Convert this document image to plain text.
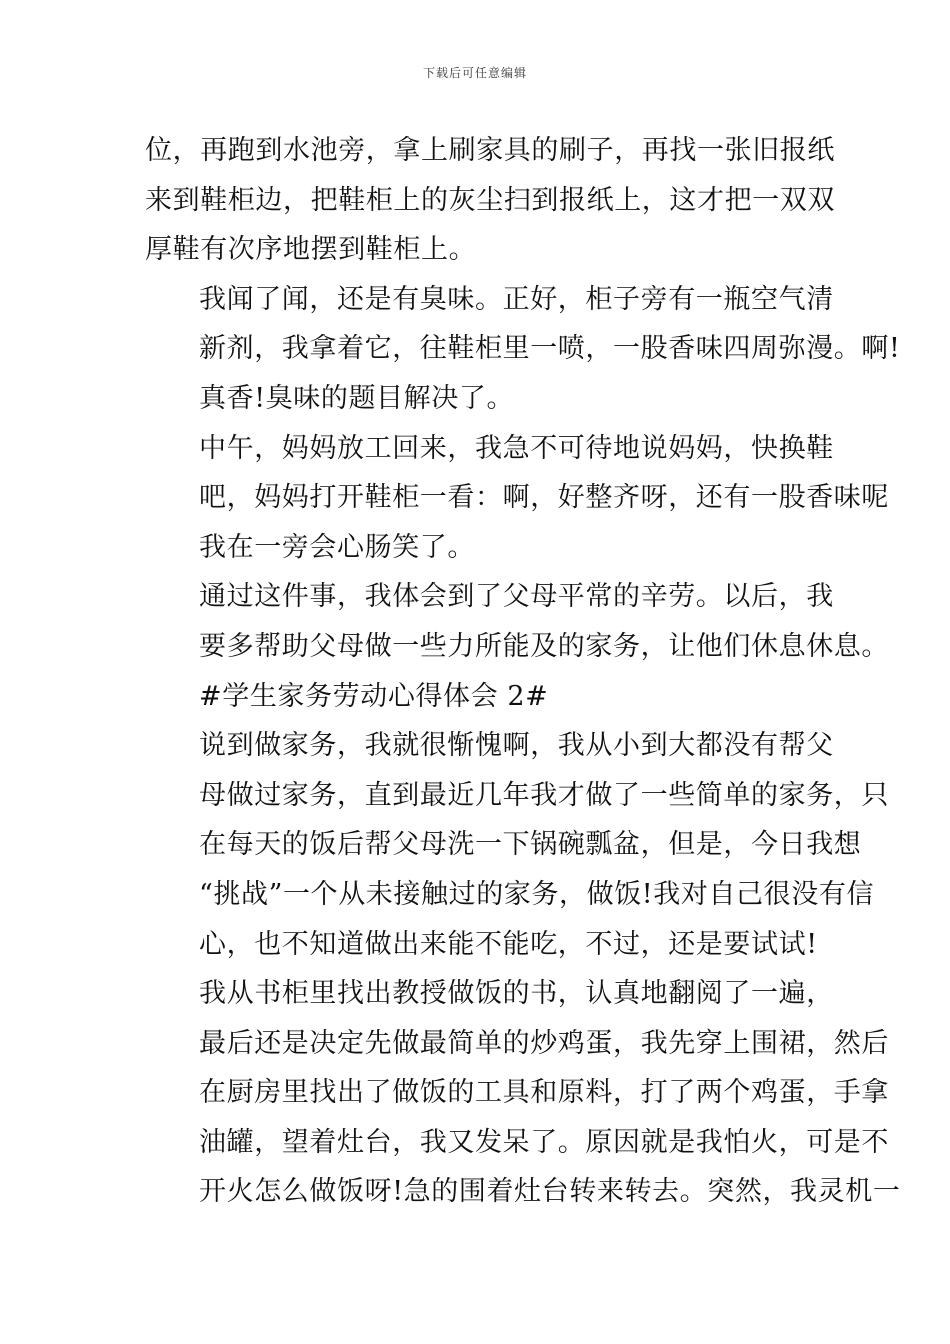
下载后可任意编辑

位，再跑到水池旁，拿上刷家具的刷子，再找一张旧报纸
来到鞋柜边，把鞋柜上的灰尘扫到报纸上，这才把一双双
厚鞋有次序地摆到鞋柜上。

我闻了闻，还是有臭味。正好，柜子旁有一瓶空气清
新剂，我拿着它，往鞋柜里一喷，一股香味四周弥漫。啊!
真香!臭味的题目解决了。

中午，妈妈放工回来，我急不可待地说妈妈，快换鞋
吧，妈妈打开鞋柜一看：啊，好整齐呀，还有一股香味呢
我在一旁会心肠笑了。

通过这件事，我体会到了父母平常的辛劳。以后，我
要多帮助父母做一些力所能及的家务，让他们休息休息。

#学生家务劳动心得体会 2#

说到做家务，我就很惭愧啊，我从小到大都没有帮父
母做过家务，直到最近几年我才做了一些简单的家务，只
在每天的饭后帮父母洗一下锅碗瓢盆，但是，今日我想
“挑战”一个从未接触过的家务，做饭!我对自己很没有信
心，也不知道做出来能不能吃，不过，还是要试试!

我从书柜里找出教授做饭的书，认真地翻阅了一遍，
最后还是决定先做最简单的炒鸡蛋，我先穿上围裙，然后
在厨房里找出了做饭的工具和原料，打了两个鸡蛋，手拿
油罐，望着灶台，我又发呆了。原因就是我怕火，可是不
开火怎么做饭呀!急的围着灶台转来转去。突然，我灵机一
